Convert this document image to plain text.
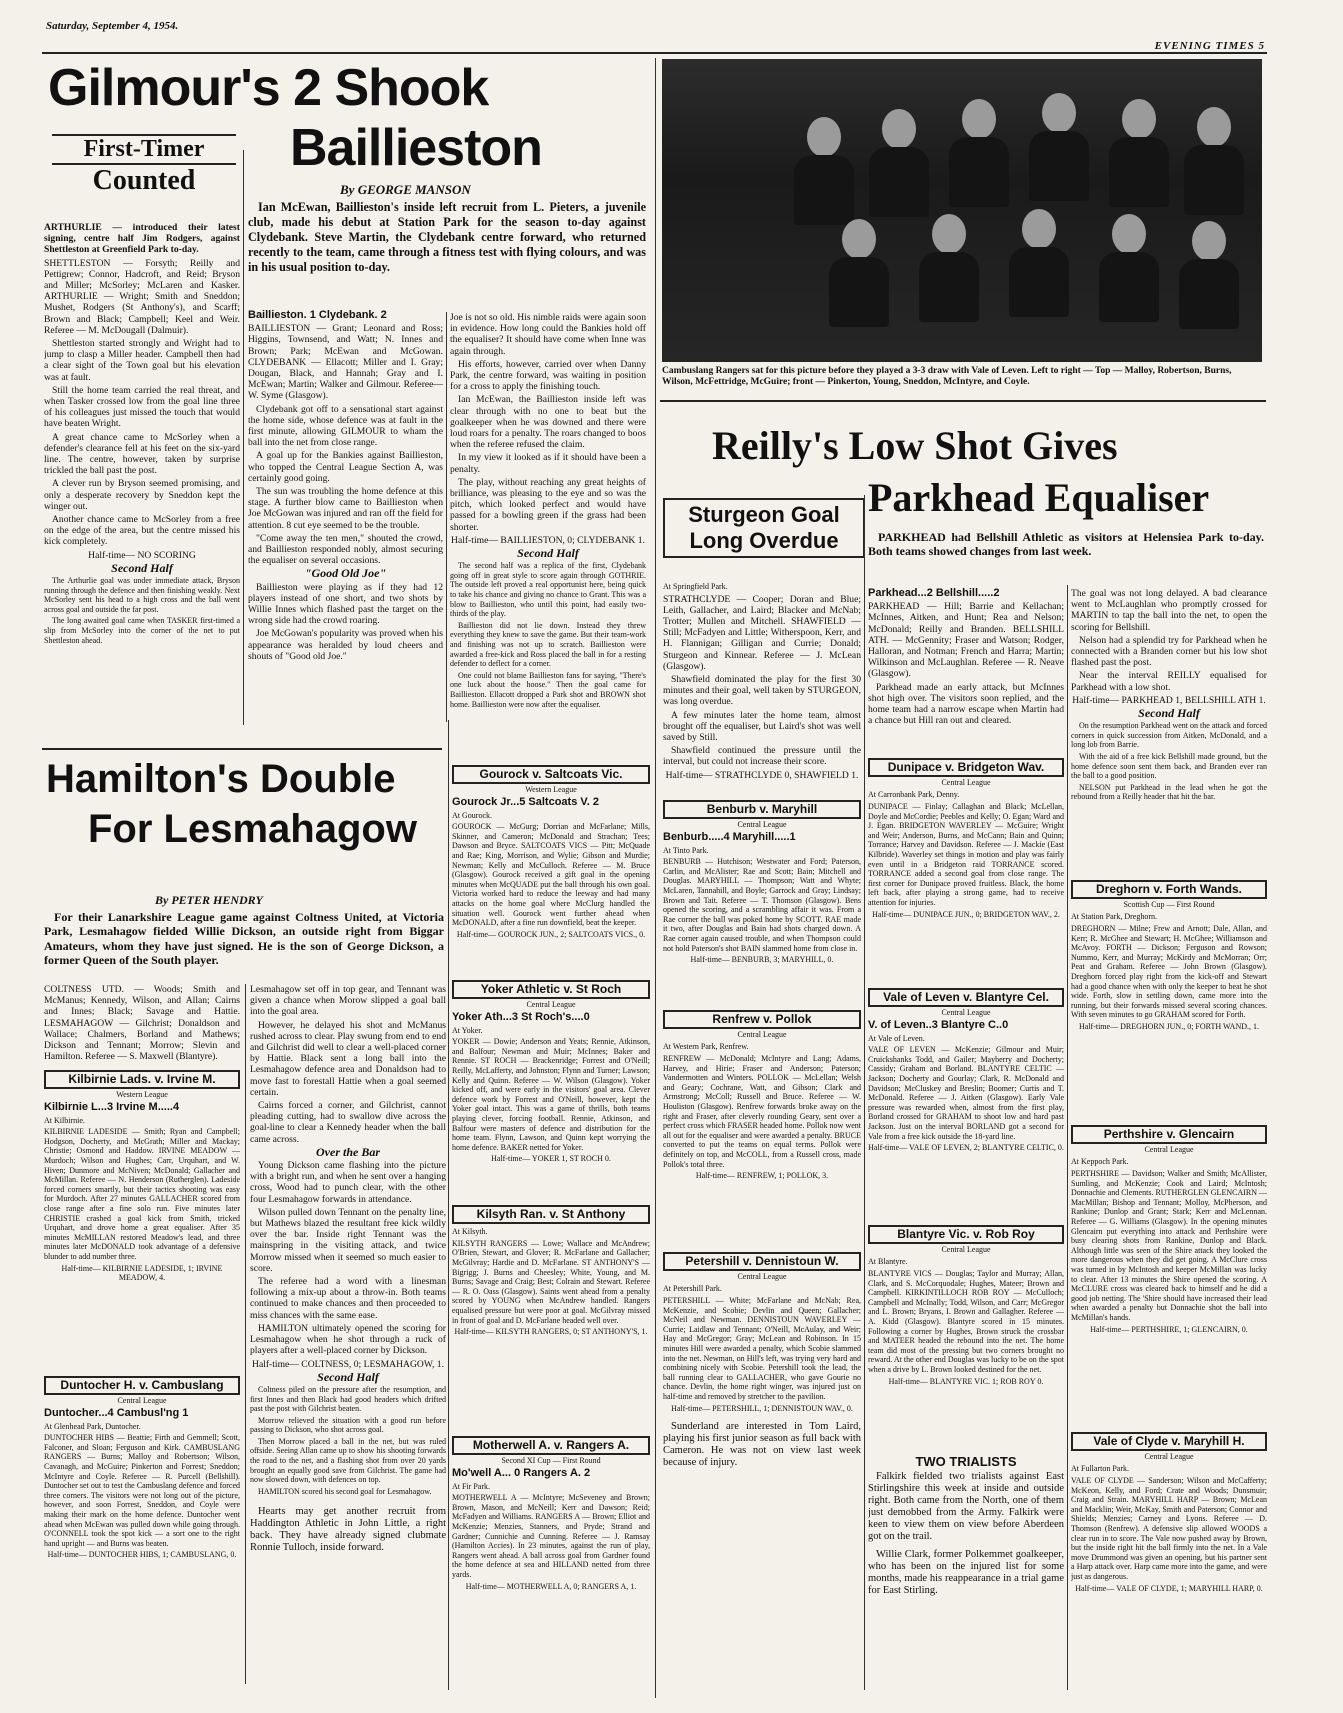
Saturday, September 4, 1954.
EVENING TIMES 5
Gilmour's 2 Shook
Baillieston
First-Timer
Counted

ARTHURLIE — introduced their latest signing, centre half Jim Rodgers, against Shettleston at Greenfield Park to-day.

SHETTLESTON — Forsyth; Reilly and Pettigrew; Connor, Hadcroft, and Reid; Bryson and Miller; McSorley; McLaren and Kasker. ARTHURLIE — Wright; Smith and Sneddon; Mushet, Rodgers (St Anthony's), and Scarff; Brown and Black; Campbell; Keel and Weir. Referee — M. McDougall (Dalmuir).

Shettleston started strongly and Wright had to jump to clasp a Miller header. Campbell then had a clear sight of the Town goal but his elevation was at fault.

Still the home team carried the real threat, and when Tasker crossed low from the goal line three of his colleagues just missed the touch that would have beaten Wright.

A great chance came to McSorley when a defender's clearance fell at his feet on the six-yard line. The centre, however, taken by surprise trickled the ball past the post.

A clever run by Bryson seemed promising, and only a desperate recovery by Sneddon kept the winger out.

Another chance came to McSorley from a free on the edge of the area, but the centre missed his kick completely.

Half-time— NO SCORING

Second Half

The Arthurlie goal was under immediate attack, Bryson running through the defence and then finishing weakly. Next McSorley sent his head to a high cross and the ball went across goal and outside the far post.

The long awaited goal came when TASKER first-timed a slip from McSorley into the corner of the net to put Shettleston ahead.

By GEORGE MANSON
Ian McEwan, Baillieston's inside left recruit from L. Pieters, a juvenile club, made his debut at Station Park for the season to-day against Clydebank. Steve Martin, the Clydebank centre forward, who returned recently to the team, came through a fitness test with flying colours, and was in his usual position to-day.

Baillieston. 1 Clydebank. 2

BAILLIESTON — Grant; Leonard and Ross; Higgins, Townsend, and Watt; N. Innes and Brown; Park; McEwan and McGowan. CLYDEBANK — Ellacott; Miller and I. Gray; Dougan, Black, and Hannah; Gray and I. McEwan; Martin; Walker and Gilmour. Referee—W. Syme (Glasgow).

Clydebank got off to a sensational start against the home side, whose defence was at fault in the first minute, allowing GILMOUR to wham the ball into the net from close range.

A goal up for the Bankies against Baillieston, who topped the Central League Section A, was certainly good going.

The sun was troubling the home defence at this stage. A further blow came to Baillieston when Joe McGowan was injured and ran off the field for attention. 8 cut eye seemed to be the trouble.

"Come away the ten men," shouted the crowd, and Baillieston responded nobly, almost securing the equaliser on several occasions.

"Good Old Joe"

Baillieston were playing as if they had 12 players instead of one short, and two shots by Willie Innes which flashed past the target on the wrong side had the crowd roaring.

Joe McGowan's popularity was proved when his appearance was heralded by loud cheers and shouts of "Good old Joe."

Joe is not so old. His nimble raids were again soon in evidence. How long could the Bankies hold off the equaliser? It should have come when Inne was again through.

His efforts, however, carried over when Danny Park, the centre forward, was waiting in position for a cross to apply the finishing touch.

Ian McEwan, the Baillieston inside left was clear through with no one to beat but the goalkeeper when he was downed and there were loud roars for a penalty. The roars changed to boos when the referee refused the claim.

In my view it looked as if it should have been a penalty.

The play, without reaching any great heights of brilliance, was pleasing to the eye and so was the pitch, which looked perfect and would have passed for a bowling green if the grass had been shorter.

Half-time— BAILLIESTON, 0; CLYDEBANK 1.

Second Half

The second half was a replica of the first, Clydebank going off in great style to score again through GOTHRIE. The outside left proved a real opportunist here, being quick to take his chance and giving no chance to Grant. This was a blow to Baillieston, who until this point, had easily two-thirds of the play.

Baillieston did not lie down. Instead they threw everything they knew to save the game. But their team-work and finishing was not up to scratch. Baillieston were awarded a free-kick and Ross placed the ball in for a resting defender to deflect for a corner.

One could not blame Baillieston fans for saying, "There's one luck about the hoose." Then the goal came for Baillieston. Ellacott dropped a Park shot and BROWN shot home. Baillieston were now after the equaliser.

Hamilton's Double
For Lesmahagow
By PETER HENDRY
For their Lanarkshire League game against Coltness United, at Victoria Park, Lesmahagow fielded Willie Dickson, an outside right from Biggar Amateurs, whom they have just signed. He is the son of George Dickson, a former Queen of the South player.

COLTNESS UTD. — Woods; Smith and McManus; Kennedy, Wilson, and Allan; Cairns and Innes; Black; Savage and Hattie. LESMAHAGOW — Gilchrist; Donaldson and Wallace; Chalmers, Borland and Mathews; Dickson and Tennant; Morrow; Slevin and Hamilton. Referee — S. Maxwell (Blantyre).

Lesmahagow set off in top gear, and Tennant was given a chance when Morow slipped a goal ball into the goal area.

However, he delayed his shot and McManus rushed across to clear. Play swung from end to end and Gilchrist did well to clear a well-placed corner by Hattie. Black sent a long ball into the Lesmahagow defence area and Donaldson had to move fast to forestall Hattie when a goal seemed certain.

Cairns forced a corner, and Gilchrist, cannot pleading cutting, had to swallow dive across the goal-line to clear a Kennedy header when the ball came across.

Over the Bar

Young Dickson came flashing into the picture with a bright run, and when he sent over a hanging cross, Wood had to punch clear, with the other four Lesmahagow forwards in attendance.

Wilson pulled down Tennant on the penalty line, but Mathews blazed the resultant free kick wildly over the bar. Inside right Tennant was the mainspring in the visiting attack, and twice Morrow missed when it seemed so much easier to score.

The referee had a word with a linesman following a mix-up about a throw-in. Both teams continued to make chances and then proceeded to miss chances with the same ease.

HAMILTON ultimately opened the scoring for Lesmahagow when he shot through a ruck of players after a well-placed corner by Dickson.

Half-time— COLTNESS, 0; LESMAHAGOW, 1.

Second Half

Coltness piled on the pressure after the resumption, and first Innes and then Black had good headers which drifted past the post with Gilchrist beaten.

Morrow relieved the situation with a good run before passing to Dickson, who shot across goal.

Then Morrow placed a ball in the net, but was ruled offside. Seeing Allan came up to show his shooting forwards the road to the net, and a flashing shot from over 20 yards brought an equally good save from Gilchrist. The game had now slowed down, with defences on top.

HAMILTON scored his second goal for Lesmahagow.

Hearts may get another recruit from Haddington Athletic in John Little, a right back. They have already signed clubmate Ronnie Tulloch, inside forward.

Kilbirnie Lads. v. Irvine M.
Western League

Kilbirnie L...3 Irvine M.....4

At Kilbirnie.

KILBIRNIE LADESIDE — Smith; Ryan and Campbell; Hodgson, Docherty, and McGrath; Miller and Mackay; Christie; Osmond and Haddow. IRVINE MEADOW — Murdoch; Wilson and Hughes; Carr, Urquhart, and W. Hiven; Dunmore and McNiven; McDonald; Gallacher and McMillan. Referee — N. Henderson (Rutherglen). Ladeside forced corners smartly, but their tactics shooting was easy for Murdoch. After 27 minutes GALLACHER scored from close range after a fine solo run. Five minutes later CHRISTIE crashed a goal kick from Smith, tricked Urquhart, and drove home a great equaliser. After 35 minutes McMILLAN restored Meadow's lead, and three minutes later McDONALD took advantage of a defensive blunder to add number three.

Half-time— KILBIRNIE LADESIDE, 1; IRVINE MEADOW, 4.

Duntocher H. v. Cambuslang
Central League

Duntocher...4 Cambusl'ng 1

At Glenhead Park, Duntocher.

DUNTOCHER HIBS — Beattie; Firth and Gemmell; Scott, Falconer, and Sloan; Ferguson and Kirk. CAMBUSLANG RANGERS — Burns; Malloy and Robertson; Wilson, Cavanagh, and McGuire; Pinkerton and Forrest; Sneddon; McIntyre and Coyle. Referee — R. Purcell (Bellshill). Duntocher set out to test the Cambuslang defence and forced three corners. The visitors were not long out of the picture, however, and soon Forrest, Sneddon, and Coyle were making their mark on the home defence. Duntocher went ahead when McEwan was pulled down while going through. O'CONNELL took the spot kick — a sort one to the right hand upright — and Burns was beaten.

Half-time— DUNTOCHER HIBS, 1; CAMBUSLANG, 0.

Gourock v. Saltcoats Vic.
Western League

Gourock Jr...5 Saltcoats V. 2

At Gourock.

GOUROCK — McGurg; Dorrian and McFarlane; Mills, Skinner, and Cameron; McDonald and Strachan; Tees; Dawson and Bryce. SALTCOATS VICS — Pitt; McQuade and Rae; King, Morrison, and Wylie; Gibson and Murdie; Newman; Kelly and McCulloch. Referee — M. Bruce (Glasgow). Gourock received a gift goal in the opening minutes when McQUADE put the ball through his own goal. Victoria worked hard to reduce the leeway and had many attacks on the home goal where McClurg handled the situation well. Gourock went further ahead when McDONALD, after a fine run downfield, beat the keeper.

Half-time— GOUROCK JUN., 2; SALTCOATS VICS., 0.

Yoker Athletic v. St Roch
Central League

Yoker Ath...3 St Roch's....0

At Yoker.

YOKER — Dowie; Anderson and Yeats; Rennie, Atkinson, and Balfour; Newman and Muir; McInnes; Baker and Rennie. ST ROCH — Brackenridge; Forrest and O'Neill; Reilly, McLafferty, and Johnston; Flynn and Turner; Lawson; Kelly and Quinn. Referee — W. Wilson (Glasgow). Yoker kicked off, and were early in the visitors' goal area. Clever defence work by Forrest and O'Neill, however, kept the Yoker goal intact. This was a game of thrills, both teams playing clever, forcing football. Rennie, Atkinson, and Balfour were masters of defence and distribution for the home team. Flynn, Lawson, and Quinn kept worrying the home defence. BAKER netted for Yoker.

Half-time— YOKER 1, ST ROCH 0.

Kilsyth Ran. v. St Anthony

At Kilsyth.

KILSYTH RANGERS — Lowe; Wallace and McAndrew; O'Brien, Stewart, and Glover; R. McFarlane and Gallacher; McGilvray; Hardie and D. McFarlane. ST ANTHONY'S — Bigrigg; J. Burns and Cheesley; White, Young, and M. Burns; Savage and Craig; Best; Colrain and Stewart. Referee — R. O. Oass (Glasgow). Saints went ahead from a penalty scored by YOUNG when McAndrew handled. Rangers equalised pressure but were poor at goal. McGilvray missed in front of goal and D. McFarlane headed well over.

Half-time— KILSYTH RANGERS, 0; ST ANTHONY'S, 1.

Motherwell A. v. Rangers A.
Second XI Cup — First Round

Mo'well A... 0 Rangers A. 2

At Fir Park.

MOTHERWELL A — McIntyre; McSeveney and Brown; Brown, Mason, and McNeill; Kerr and Dawson; Reid; McFadyen and Williams. RANGERS A — Brown; Elliot and McKenzie; Menzies, Stanners, and Pryde; Strand and Gardner; Cunnichie and Cunning. Referee — J. Ramsay (Hamilton Accies). In 23 minutes, against the run of play, Rangers went ahead. A ball across goal from Gardner found the home defence at sea and HILLAND netted from three yards.

Half-time— MOTHERWELL A, 0; RANGERS A, 1.

Cambuslang Rangers sat for this picture before they played a 3-3 draw with Vale of Leven. Left to right — Top — Malloy, Robertson, Burns, Wilson, McFettridge, McGuire; front — Pinkerton, Young, Sneddon, McIntyre, and Coyle.
Reilly's Low Shot Gives
Parkhead Equaliser
PARKHEAD had Bellshill Athletic as visitors at Helensiea Park to-day. Both teams showed changes from last week.
Sturgeon Goal
Long Overdue

At Springfield Park.

STRATHCLYDE — Cooper; Doran and Blue; Leith, Gallacher, and Laird; Blacker and McNab; Trotter; Mullen and Mitchell. SHAWFIELD — Still; McFadyen and Little; Witherspoon, Kerr, and H. Flannigan; Gilligan and Currie; Donald; Sturgeon and Kinnear. Referee — J. McLean (Glasgow).

Shawfield dominated the play for the first 30 minutes and their goal, well taken by STURGEON, was long overdue.

A few minutes later the home team, almost brought off the equaliser, but Laird's shot was well saved by Still.

Shawfield continued the pressure until the interval, but could not increase their score.

Half-time— STRATHCLYDE 0, SHAWFIELD 1.

Benburb v. Maryhill
Central League

Benburb.....4 Maryhill.....1

At Tinto Park.

BENBURB — Hutchison; Westwater and Ford; Paterson, Carlin, and McAlister; Rae and Scott; Bain; Mitchell and Douglas. MARYHILL — Thompson; Watt and Whyte; McLaren, Tannahill, and Boyle; Garrock and Gray; Lindsay; Brown and Tait. Referee — T. Thomson (Glasgow). Bens opened the scoring, and a scrambling affair it was. From a Rae corner the ball was poked home by SCOTT. RAE made it two, after Douglas and Bain had shots charged down. A Rae corner again caused trouble, and when Thompson could not hold Paterson's shot BAIN slammed home from close in.

Half-time— BENBURB, 3; MARYHILL, 0.

Renfrew v. Pollok
Central League

At Western Park, Renfrew.

RENFREW — McDonald; McIntyre and Lang; Adams, Harvey, and Hirie; Fraser and Anderson; Paterson; Vandermotten and Winters. POLLOK — McLellan; Welsh and Geary; Cochrane, Watt, and Gibson; Clark and Armstrong; McColl; Russell and Bruce. Referee — W. Houliston (Glasgow). Renfrew forwards broke away on the right and Fraser, after cleverly rounding Geary, sent over a perfect cross which FRASER headed home. Pollok now went all out for the equaliser and were awarded a penalty. BRUCE converted to put the teams on equal terms. Pollok were definitely on top, and McCOLL, from a Russell cross, made Pollok's total three.

Half-time— RENFREW, 1; POLLOK, 3.

Petershill v. Dennistoun W.
Central League

At Petershill Park.

PETERSHILL — White; McFarlane and McNab; Rea, McKenzie, and Scobie; Devlin and Queen; Gallacher; McNeil and Newman. DENNISTOUN WAVERLEY — Currie; Laidlaw and Tennant; O'Neill, McAulay, and Weir; Hay and McGregor; Gray; McLean and Robinson. In 15 minutes Hill were awarded a penalty, which Scobie slammed into the net. Newman, on Hill's left, was trying very hard and combining nicely with Scobie. Petershill took the lead, the ball running clear to GALLACHER, who gave Gourie no chance. Devlin, the home right winger, was injured just on half-time and removed by stretcher to the pavilion.

Half-time— PETERSHILL, 1; DENNISTOUN WAV., 0.

Sunderland are interested in Tom Laird, playing his first junior season as full back with Cameron. He was not on view last week because of injury.

Parkhead...2 Bellshill.....2

PARKHEAD — Hill; Barrie and Kellachan; McInnes, Aitken, and Hunt; Rea and Nelson; McDonald; Reilly and Branden. BELLSHILL ATH. — McGennity; Fraser and Watson; Rodger, Halloran, and Notman; French and Harra; Martin; Wilkinson and McLaughlan. Referee — R. Neave (Glasgow).

Parkhead made an early attack, but McInnes shot high over. The visitors soon replied, and the home team had a narrow escape when Martin had a chance but Hill ran out and cleared.

The goal was not long delayed. A bad clearance went to McLaughlan who promptly crossed for MARTIN to tap the ball into the net, to open the scoring for Bellshill.

Nelson had a splendid try for Parkhead when he connected with a Branden corner but his low shot flashed past the post.

Near the interval REILLY equalised for Parkhead with a low shot.

Half-time— PARKHEAD 1, BELLSHILL ATH 1.

Second Half

On the resumption Parkhead went on the attack and forced corners in quick succession from Aitken, McDonald, and a long lob from Barrie.

With the aid of a free kick Bellshill made ground, but the home defence soon sent them back, and Branden ever ran the ball to a good position.

NELSON put Parkhead in the lead when he got the rebound from a Reilly header that hit the bar.

Dunipace v. Bridgeton Wav.
Central League

At Carronbank Park, Denny.

DUNIPACE — Finlay; Callaghan and Black; McLellan, Doyle and McCordie; Peebles and Kelly; O. Egan; Ward and J. Egan. BRIDGETON WAVERLEY — McGuire; Wright and Weir; Anderson, Burns, and McCann; Bain and Quinn; Torrance; Harvey and Davidson. Referee — J. Mackie (East Kilbride). Waverley set things in motion and play was fairly even until in a Bridgeton raid TORRANCE scored. TORRANCE added a second goal from close range. The first corner for Dunipace proved fruitless. Black, the home left back, after playing a strong game, had to receive attention for injuries.

Half-time— DUNIPACE JUN., 0; BRIDGETON WAV., 2.

Vale of Leven v. Blantyre Cel.
Central League

V. of Leven..3 Blantyre C..0

At Vale of Leven.

VALE OF LEVEN — McKenzie; Gilmour and Muir; Cruickshanks Todd, and Gailer; Mayberry and Docherty; Cassidy; Graham and Borland. BLANTYRE CELTIC — Jackson; Docherty and Gourlay; Clark, R. McDonald and Davidson; McCluskey and Breslin; Boomer; Curtis and T. McDonald. Referee — J. Aitken (Glasgow). Early Vale pressure was rewarded when, almost from the first play, Borland crossed for GRAHAM to shoot low and hard past Jackson. Just on the interval BORLAND got a second for Vale from a free kick outside the 18-yard line.

Half-time— VALE OF LEVEN, 2; BLANTYRE CELTIC, 0.

Blantyre Vic. v. Rob Roy
Central League

At Blantyre.

BLANTYRE VICS — Douglas; Taylor and Murray; Allan, Clark, and S. McCorquodale; Hughes, Mateer; Brown and Campbell. KIRKINTILLOCH ROB ROY — McCulloch; Campbell and McInally; Todd, Wilson, and Carr; McGregor and L. Brown; Bryans, I. Brown and Gallagher. Referee — A. Kidd (Glasgow). Blantyre scored in 15 minutes. Following a corner by Hughes, Brown struck the crossbar and MATEER headed the rebound into the net. The home team did most of the pressing but two corners brought no reward. At the other end Douglas was lucky to be on the spot when a drive by L. Brown looked destined for the net.

Half-time— BLANTYRE VIC. 1; ROB ROY 0.

TWO TRIALISTS

Falkirk fielded two trialists against East Stirlingshire this week at inside and outside right. Both came from the North, one of them just demobbed from the Army. Falkirk were keen to view them on view before Aberdeen got on the trail.

Willie Clark, former Polkemmet goalkeeper, who has been on the injured list for some months, made his reappearance in a trial game for East Stirling.

Dreghorn v. Forth Wands.
Scottish Cup — First Round

At Station Park, Dreghorn.

DREGHORN — Milne; Frew and Arnott; Dale, Allan, and Kerr; R. McGhee and Stewart; H. McGhee; Williamson and McAvoy. FORTH — Dickson; Ferguson and Rowson; Nummo, Kerr, and Murray; McKirdy and McMorran; Orr; Peat and Graham. Referee — John Brown (Glasgow). Dreghorn forced play right from the kick-off and Stewart had a good chance when with only the keeper to beat he shot wide. Forth, slow in settling down, came more into the running, but their forwards missed several scoring chances. With seven minutes to go GRAHAM scored for Forth.

Half-time— DREGHORN JUN., 0; FORTH WAND., 1.

Perthshire v. Glencairn
Central League

At Keppoch Park.

PERTHSHIRE — Davidson; Walker and Smith; McAllister, Sumling, and McKenzie; Cook and Laird; McIntosh; Donnachie and Clements. RUTHERGLEN GLENCAIRN — MacMillan; Bishop and Tennant; Molloy, McPherson, and Rankine; Dunlop and Grant; Stark; Kerr and McLennan. Referee — G. Williams (Glasgow). In the opening minutes Glencairn put everything into attack and Perthshire were busy clearing shots from Rankine, Dunlop and Black. Although little was seen of the Shire attack they looked the more dangerous when they did get going. A McClure cross was turned in by McIntosh and keeper McMillan was lucky to clear. After 13 minutes the Shire opened the scoring. A McCLURE cross was cleared back to himself and he did a good job netting. The 'Shire should have increased their lead when awarded a penalty but Donnachie shot the ball into McMillan's hands.

Half-time— PERTHSHIRE, 1; GLENCAIRN, 0.

Vale of Clyde v. Maryhill H.
Central League

At Fullarton Park.

VALE OF CLYDE — Sanderson; Wilson and McCafferty; McKeon, Kelly, and Ford; Crate and Woods; Dunsmuir; Craig and Strain. MARYHILL HARP — Brown; McLean and Macklin; Weir, McKay, Smith and Paterson; Connor and Shields; Menzies; Carney and Lyons. Referee — D. Thomson (Renfrew). A defensive slip allowed WOODS a clear run in to score. The Vale now pushed away by Brown, but the inside right hit the ball firmly into the net. In a Vale move Drummond was given an opening, but his partner sent a Harp attack over. Harp came more into the game, and were just as dangerous.

Half-time— VALE OF CLYDE, 1; MARYHILL HARP, 0.
